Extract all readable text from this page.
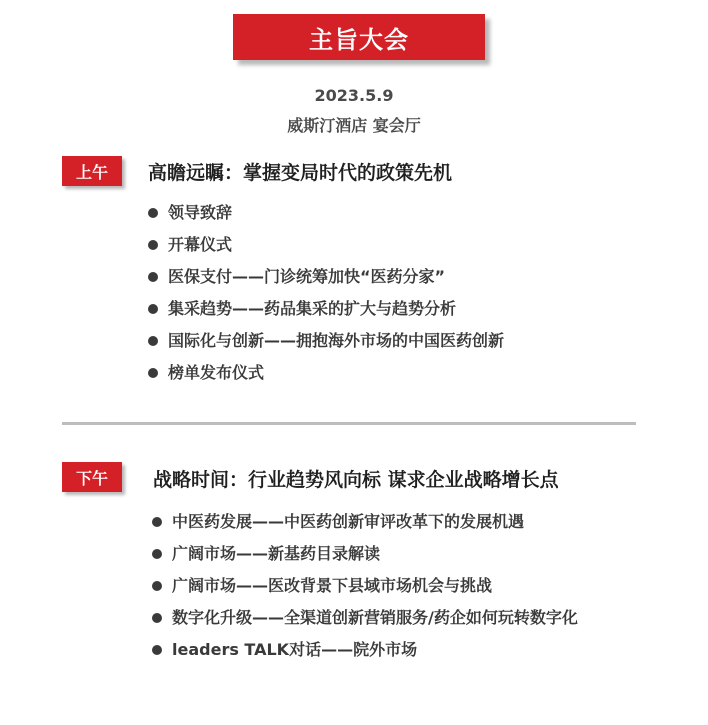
主旨大会
2023.5.9
威斯汀酒店 宴会厅
上午	高瞻远瞩：掌握变局时代的政策先机
领导致辞
开幕仪式
医保支付——门诊统筹加快“医药分家”
集采趋势——药品集采的扩大与趋势分析
国际化与创新——拥抱海外市场的中国医药创新
榜单发布仪式
下午	战略时间：行业趋势风向标 谋求企业战略增长点
中医药发展——中医药创新审评改革下的发展机遇
广阔市场——新基药目录解读
广阔市场——医改背景下县域市场机会与挑战
数字化升级——全渠道创新营销服务/药企如何玩转数字化
leaders TALK对话——院外市场
